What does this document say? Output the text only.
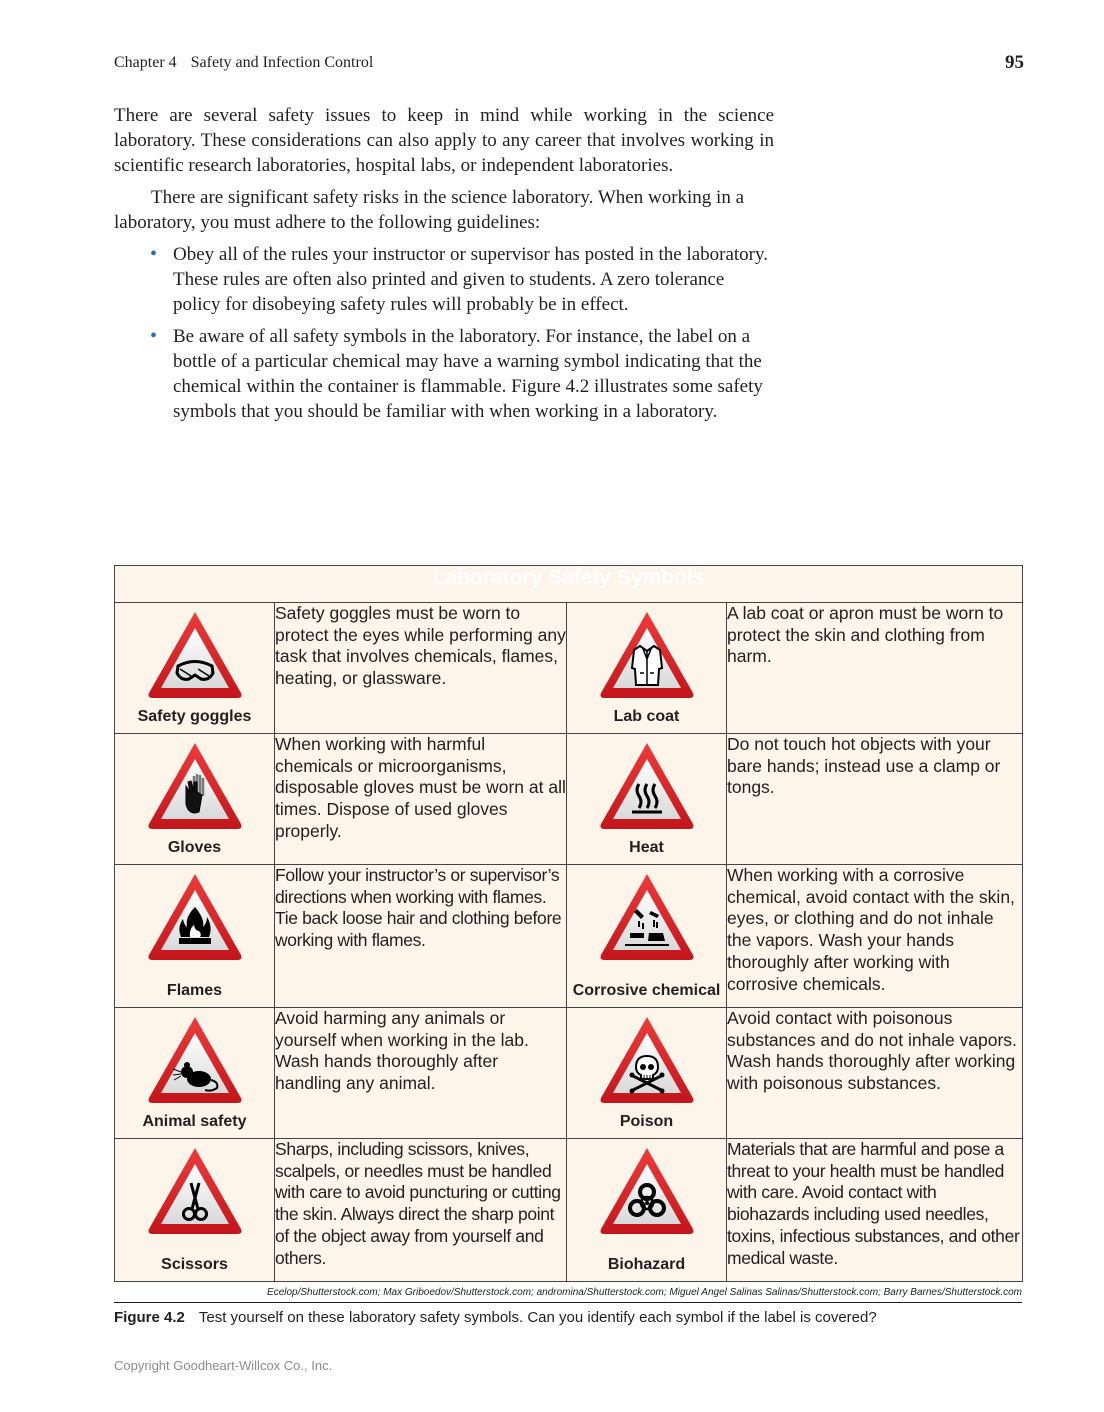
Chapter 4 Safety and Infection Control	95

There are several safety issues to keep in mind while working in the science laboratory. These considerations can also apply to any career that involves working in scientific research laboratories, hospital labs, or independent laboratories.

There are significant safety risks in the science laboratory. When working in a laboratory, you must adhere to the following guidelines:

• Obey all of the rules your instructor or supervisor has posted in the laboratory. These rules are often also printed and given to students. A zero tolerance policy for disobeying safety rules will probably be in effect.
• Be aware of all safety symbols in the laboratory. For instance, the label on a bottle of a particular chemical may have a warning symbol indicating that the chemical within the container is flammable. Figure 4.2 illustrates some safety symbols that you should be familiar with when working in a laboratory.
Laboratory Safety Symbols			

Safety goggles	Safety goggles must be worn to protect the eyes while performing any task that involves chemicals, flames, heating, or glassware.	Lab coat	A lab coat or apron must be worn to protect the skin and clothing from harm.

Gloves	When working with harmful chemicals or microorganisms, disposable gloves must be worn at all times. Dispose of used gloves properly.	Heat	Do not touch hot objects with your bare hands; instead use a clamp or tongs.

Flames	Follow your instructor’s or supervisor’s directions when working with flames. Tie back loose hair and clothing before working with flames.	Corrosive chemical	When working with a corrosive chemical, avoid contact with the skin, eyes, or clothing and do not inhale the vapors. Wash your hands thoroughly after working with corrosive chemicals.

Animal safety	Avoid harming any animals or yourself when working in the lab. Wash hands thoroughly after handling any animal.	Poison	Avoid contact with poisonous substances and do not inhale vapors. Wash hands thoroughly after working with poisonous substances.

Scissors	Sharps, including scissors, knives, scalpels, or needles must be handled with care to avoid puncturing or cutting the skin. Always direct the sharp point of the object away from yourself and others.	Biohazard	Materials that are harmful and pose a threat to your health must be handled with care. Avoid contact with biohazards including used needles, toxins, infectious substances, and other medical waste.
Ecelop/Shutterstock.com; Max Griboedov/Shutterstock.com; andromina/Shutterstock.com; Miguel Angel Salinas Salinas/Shutterstock.com; Barry Barnes/Shutterstock.com
Figure 4.2 Test yourself on these laboratory safety symbols. Can you identify each symbol if the label is covered?
Copyright Goodheart-Willcox Co., Inc.
